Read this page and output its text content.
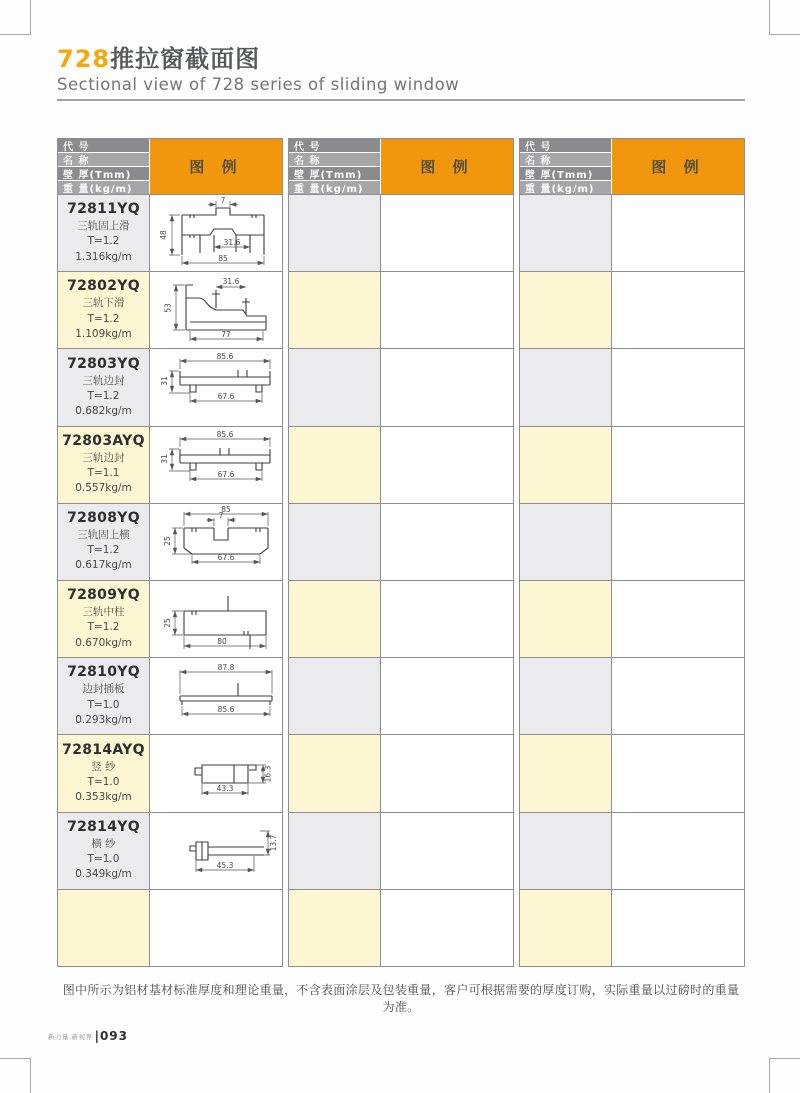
728推拉窗截面图
Sectional view of 728 series of sliding window
代 号
图 例
名 称
壁 厚(Tmm)
重 量(kg/m)
72811YQ
三轨固上滑
T=1.2
1.316kg/m
7
48
31.6
85
72802YQ
三轨下滑
T=1.2
1.109kg/m
31.6
53
77
72803YQ
三轨边封
T=1.2
0.682kg/m
85.6
31
67.6
72803AYQ
三轨边封
T=1.1
0.557kg/m
85.6
31
67.6
72808YQ
三轨固上横
T=1.2
0.617kg/m
85
7
25
67.6
72809YQ
三轨中柱
T=1.2
0.670kg/m
25
80
72810YQ
边封插板
T=1.0
0.293kg/m
87.8
85.6
72814AYQ
竖 纱
T=1.0
0.353kg/m
43.3
16.3
72814YQ
横 纱
T=1.0
0.349kg/m
13.7
45.3
代 号
图 例
名 称
壁 厚(Tmm)
重 量(kg/m)
代 号
图 例
名 称
壁 厚(Tmm)
重 量(kg/m)
图中所示为铝材基材标准厚度和理论重量，不含表面涂层及包装重量，客户可根据需要的厚度订购，实际重量以过磅时的重量为准。
新力量.新视界 |093
